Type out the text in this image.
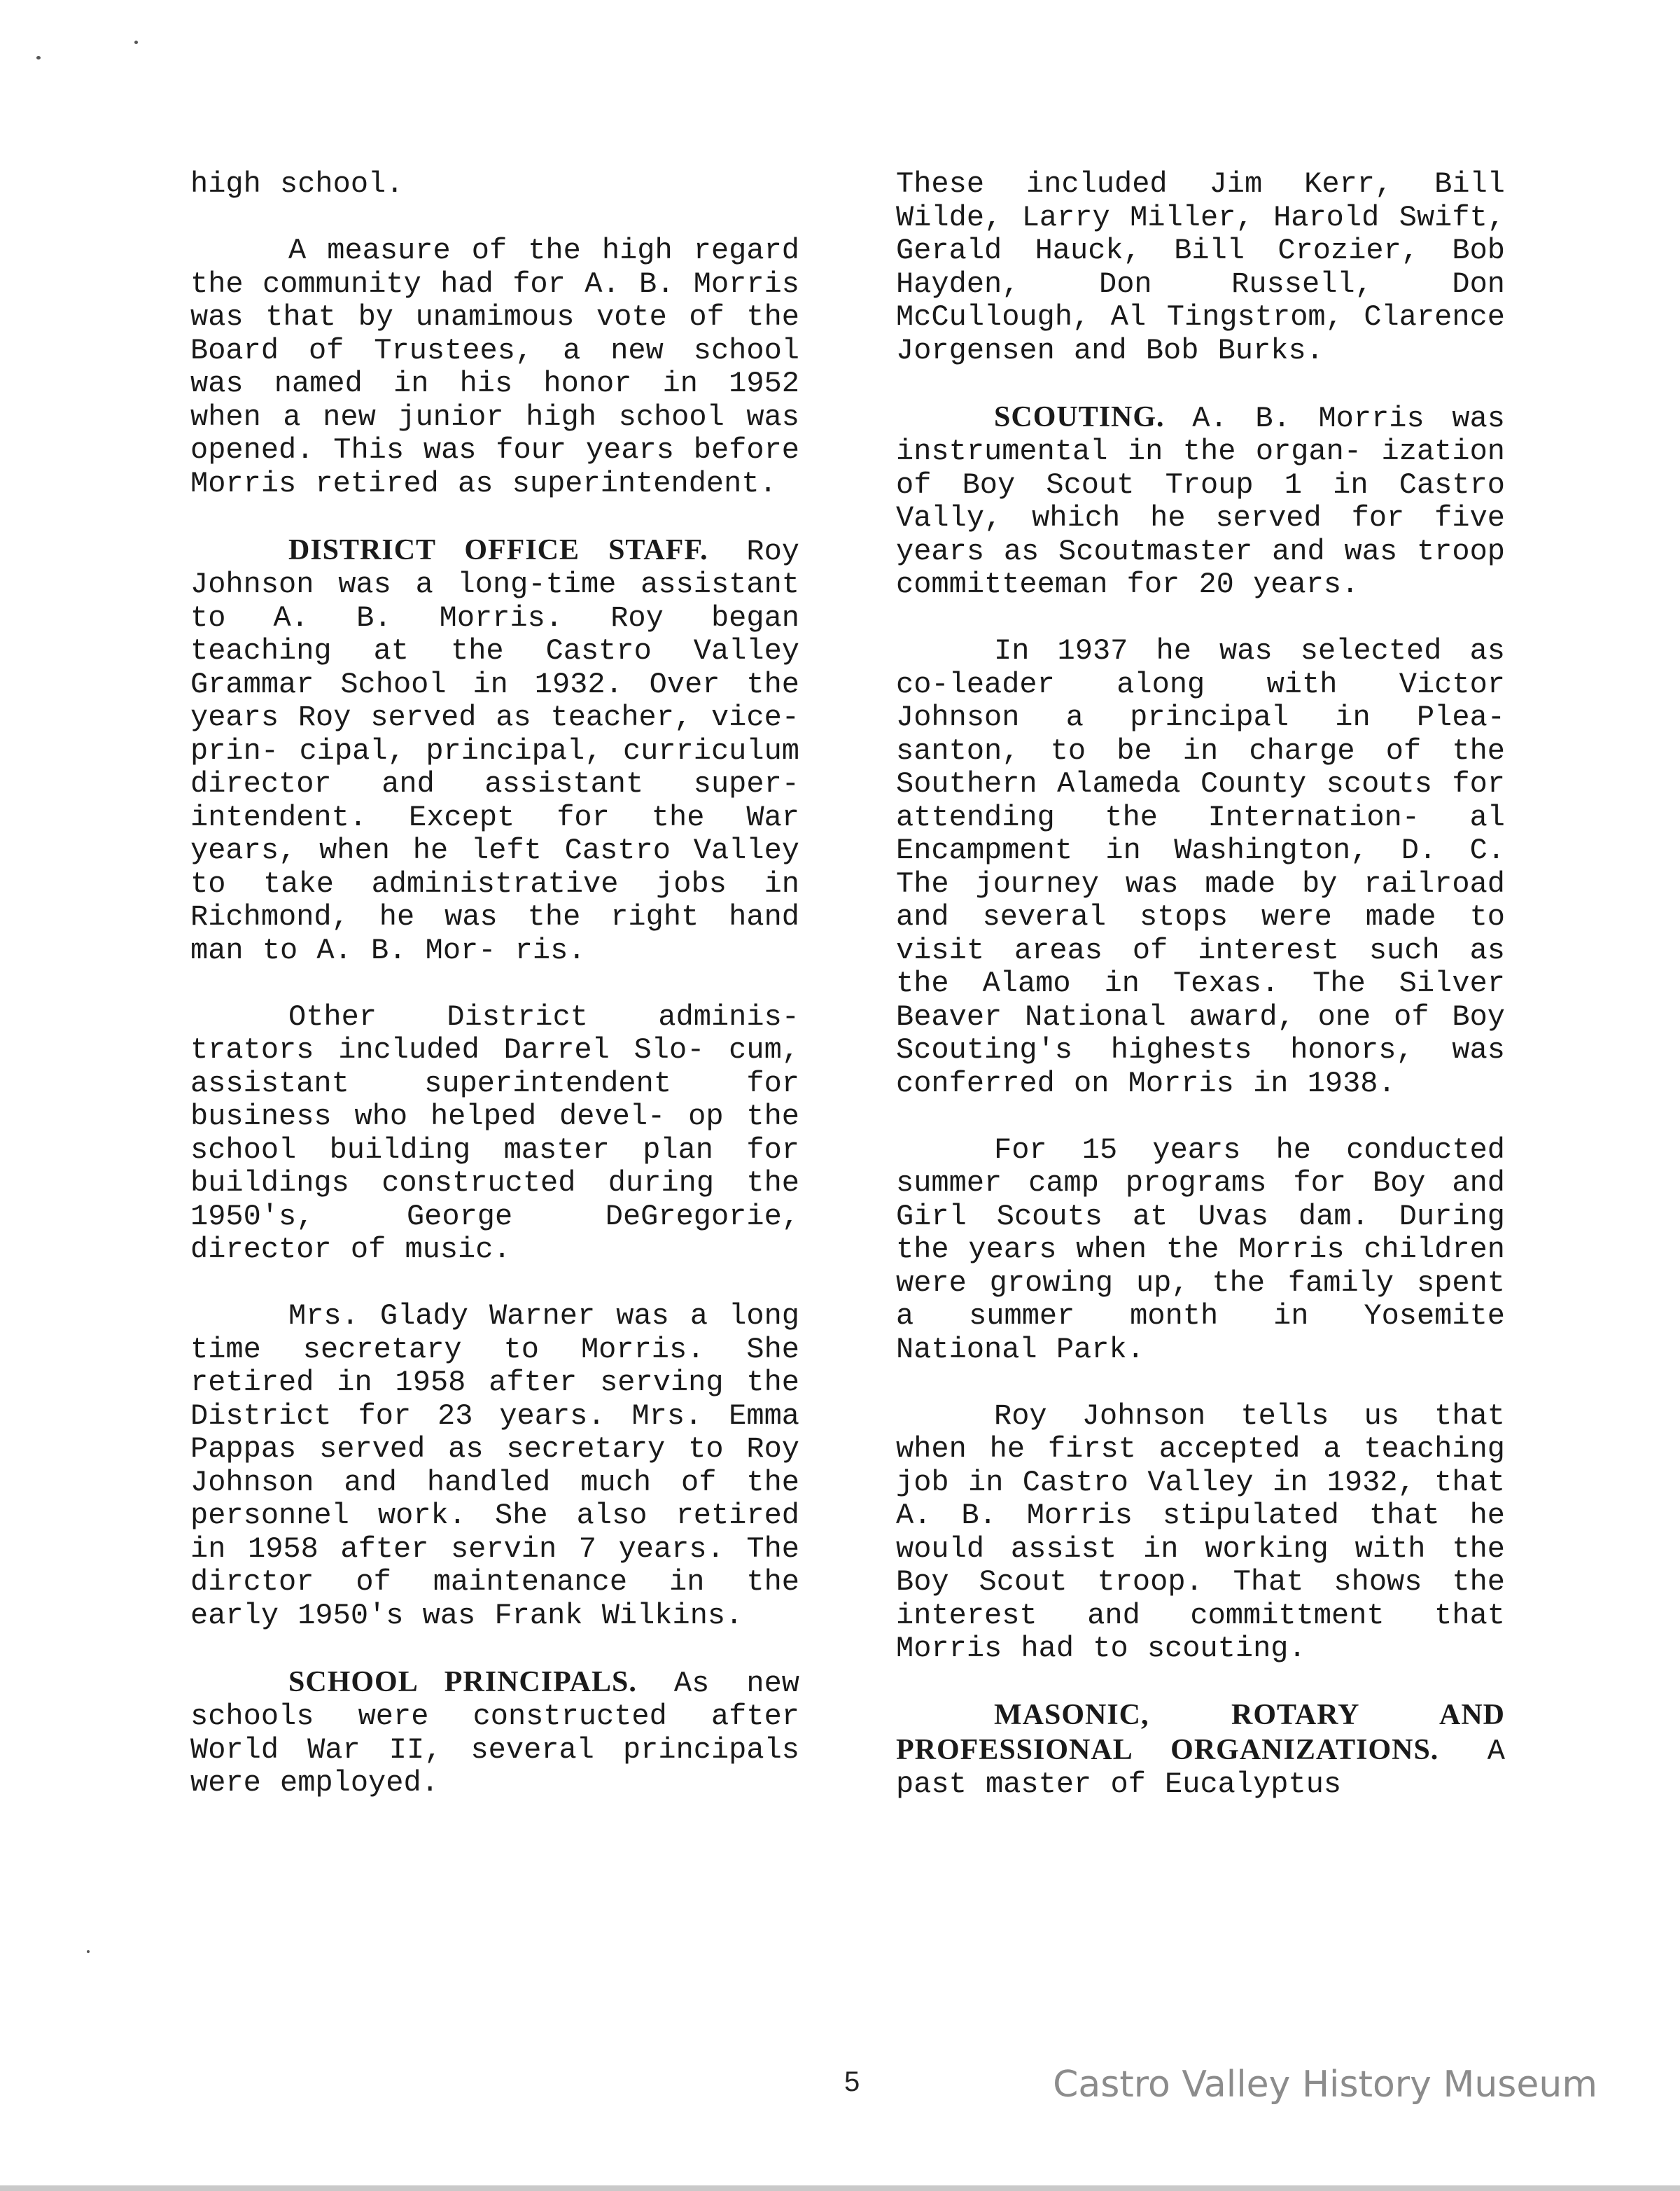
high school.

A measure of the high regard the community had for A. B. Morris was that by unamimous vote of the Board of Trustees, a new school was named in his honor in 1952 when a new junior high school was opened. This was four years before Morris retired as superintendent.

DISTRICT OFFICE STAFF. Roy Johnson was a long-time assistant to A. B. Morris. Roy began teaching at the Castro Valley Grammar School in 1932. Over the years Roy served as teacher, vice-prin- cipal, principal, curriculum director and assistant super- intendent. Except for the War years, when he left Castro Valley to take administrative jobs in Richmond, he was the right hand man to A. B. Mor- ris.

Other District adminis- trators included Darrel Slo- cum, assistant superintendent for business who helped devel- op the school building master plan for buildings constructed during the 1950's, George DeGregorie, director of music.

Mrs. Glady Warner was a long time secretary to Morris. She retired in 1958 after serving the District for 23 years. Mrs. Emma Pappas served as secretary to Roy Johnson and handled much of the personnel work. She also retired in 1958 after servin 7 years. The dirctor of maintenance in the early 1950's was Frank Wilkins.

SCHOOL PRINCIPALS. As new schools were constructed after World War II, several principals were employed.

These included Jim Kerr, Bill Wilde, Larry Miller, Harold Swift, Gerald Hauck, Bill Crozier, Bob Hayden, Don Russell, Don McCullough, Al Tingstrom, Clarence Jorgensen and Bob Burks.

SCOUTING. A. B. Morris was instrumental in the organ- ization of Boy Scout Troup 1 in Castro Vally, which he served for five years as Scoutmaster and was troop committeeman for 20 years.

In 1937 he was selected as co-leader along with Victor Johnson a principal in Plea- santon, to be in charge of the Southern Alameda County scouts for attending the Internation- al Encampment in Washington, D. C. The journey was made by railroad and several stops were made to visit areas of interest such as the Alamo in Texas. The Silver Beaver National award, one of Boy Scouting's highests honors, was conferred on Morris in 1938.

For 15 years he conducted summer camp programs for Boy and Girl Scouts at Uvas dam. During the years when the Morris children were growing up, the family spent a summer month in Yosemite National Park.

Roy Johnson tells us that when he first accepted a teaching job in Castro Valley in 1932, that A. B. Morris stipulated that he would assist in working with the Boy Scout troop. That shows the interest and committment that Morris had to scouting.

MASONIC, ROTARY AND PROFESSIONAL ORGANIZATIONS. A past master of Eucalyptus

5	Castro Valley History Museum
